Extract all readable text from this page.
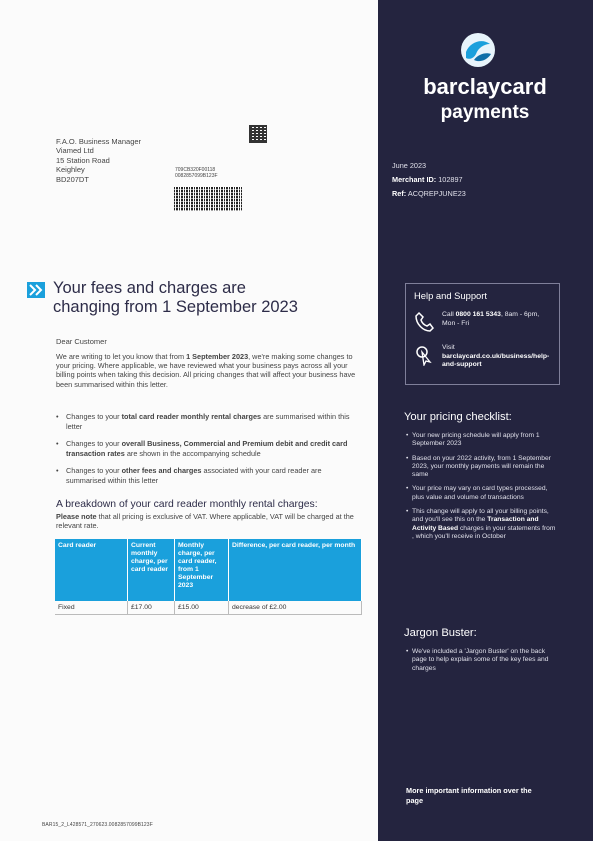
F.A.O. Business Manager
Viamed Ltd
15 Station Road
Keighley
BD207DT
709CB320F00118
0082857099B123F
Your fees and charges are
changing from 1 September 2023
Dear Customer
We are writing to let you know that from 1 September 2023, we're making some changes to your pricing. Where applicable, we have reviewed what your business pays across all your billing points when taking this decision. All pricing changes that will affect your business have been summarised within this letter.
• Changes to your total card reader monthly rental charges are summarised within this letter
• Changes to your overall Business, Commercial and Premium debit and credit card transaction rates are shown in the accompanying schedule
• Changes to your other fees and charges associated with your card reader are summarised within this letter
A breakdown of your card reader monthly rental charges:
Please note that all pricing is exclusive of VAT. Where applicable, VAT will be charged at the relevant rate.
Card reader	Current monthly charge, per card reader	Monthly charge, per card reader, from 1 September 2023	Difference, per card reader, per month
Fixed	£17.00	£15.00	decrease of £2.00
BAR15_2_L428571_270623.0082857099B123F
barclaycard
payments
June 2023
Merchant ID: 102897
Ref: ACQREPJUNE23
Help and Support
Call 0800 161 5343, 8am - 6pm, Mon - Fri
Visit barclaycard.co.uk/business/help-and-support
Your pricing checklist:
• Your new pricing schedule will apply from 1 September 2023
• Based on your 2022 activity, from 1 September 2023, your monthly payments will remain the same
• Your price may vary on card types processed, plus value and volume of transactions
• This change will apply to all your billing points, and you'll see this on the Transaction and Activity Based charges in your statements from , which you'll receive in October
Jargon Buster:
• We've included a 'Jargon Buster' on the back page to help explain some of the key fees and charges
More important information over the page
